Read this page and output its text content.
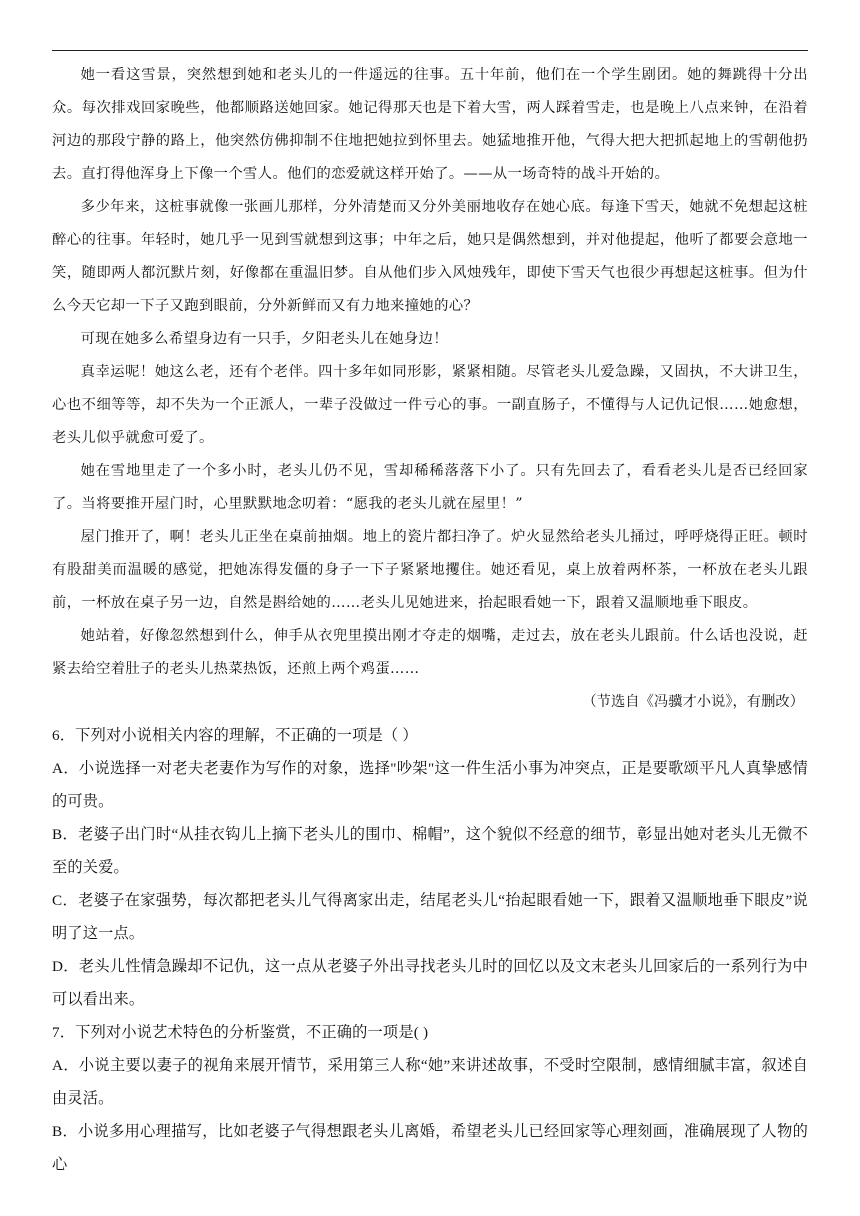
她一看这雪景，突然想到她和老头儿的一件遥远的往事。五十年前，他们在一个学生剧团。她的舞跳得十分出众。每次排戏回家晚些，他都顺路送她回家。她记得那天也是下着大雪，两人踩着雪走，也是晚上八点来钟，在沿着河边的那段宁静的路上，他突然仿佛抑制不住地把她拉到怀里去。她猛地推开他，气得大把大把抓起地上的雪朝他扔去。直打得他浑身上下像一个雪人。他们的恋爱就这样开始了。——从一场奇特的战斗开始的。

多少年来，这桩事就像一张画儿那样，分外清楚而又分外美丽地收存在她心底。每逢下雪天，她就不免想起这桩醉心的往事。年轻时，她几乎一见到雪就想到这事；中年之后，她只是偶然想到，并对他提起，他听了都要会意地一笑，随即两人都沉默片刻，好像都在重温旧梦。自从他们步入风烛残年，即使下雪天气也很少再想起这桩事。但为什么今天它却一下子又跑到眼前，分外新鲜而又有力地来撞她的心？

可现在她多么希望身边有一只手，夕阳老头儿在她身边！

真幸运呢！她这么老，还有个老伴。四十多年如同形影，紧紧相随。尽管老头儿爱急躁，又固执，不大讲卫生，心也不细等等，却不失为一个正派人，一辈子没做过一件亏心的事。一副直肠子，不懂得与人记仇记恨……她愈想，老头儿似乎就愈可爱了。

她在雪地里走了一个多小时，老头儿仍不见，雪却稀稀落落下小了。只有先回去了，看看老头儿是否已经回家了。当将要推开屋门时，心里默默地念叨着：“愿我的老头儿就在屋里！”

屋门推开了，啊！老头儿正坐在桌前抽烟。地上的瓷片都扫净了。炉火显然给老头儿捅过，呼呼烧得正旺。顿时有股甜美而温暖的感觉，把她冻得发僵的身子一下子紧紧地攫住。她还看见，桌上放着两杯茶，一杯放在老头儿跟前，一杯放在桌子另一边，自然是斟给她的……老头儿见她进来，抬起眼看她一下，跟着又温顺地垂下眼皮。

她站着，好像忽然想到什么，伸手从衣兜里摸出刚才夺走的烟嘴，走过去，放在老头儿跟前。什么话也没说，赶紧去给空着肚子的老头儿热菜热饭，还煎上两个鸡蛋……

（节选自《冯骥才小说》，有删改）

6．下列对小说相关内容的理解，不正确的一项是（ ）

A．小说选择一对老夫老妻作为写作的对象，选择"吵架"这一件生活小事为冲突点，正是要歌颂平凡人真挚感情的可贵。

B．老婆子出门时“从挂衣钩儿上摘下老头儿的围巾、棉帽”，这个貌似不经意的细节，彰显出她对老头儿无微不至的关爱。

C．老婆子在家强势，每次都把老头儿气得离家出走，结尾老头儿“抬起眼看她一下，跟着又温顺地垂下眼皮”说明了这一点。

D．老头儿性情急躁却不记仇，这一点从老婆子外出寻找老头儿时的回忆以及文末老头儿回家后的一系列行为中可以看出来。

7．下列对小说艺术特色的分析鉴赏，不正确的一项是( )

A．小说主要以妻子的视角来展开情节，采用第三人称“她”来讲述故事，不受时空限制，感情细腻丰富，叙述自由灵活。

B．小说多用心理描写，比如老婆子气得想跟老头儿离婚，希望老头儿已经回家等心理刻画，准确展现了人物的心
